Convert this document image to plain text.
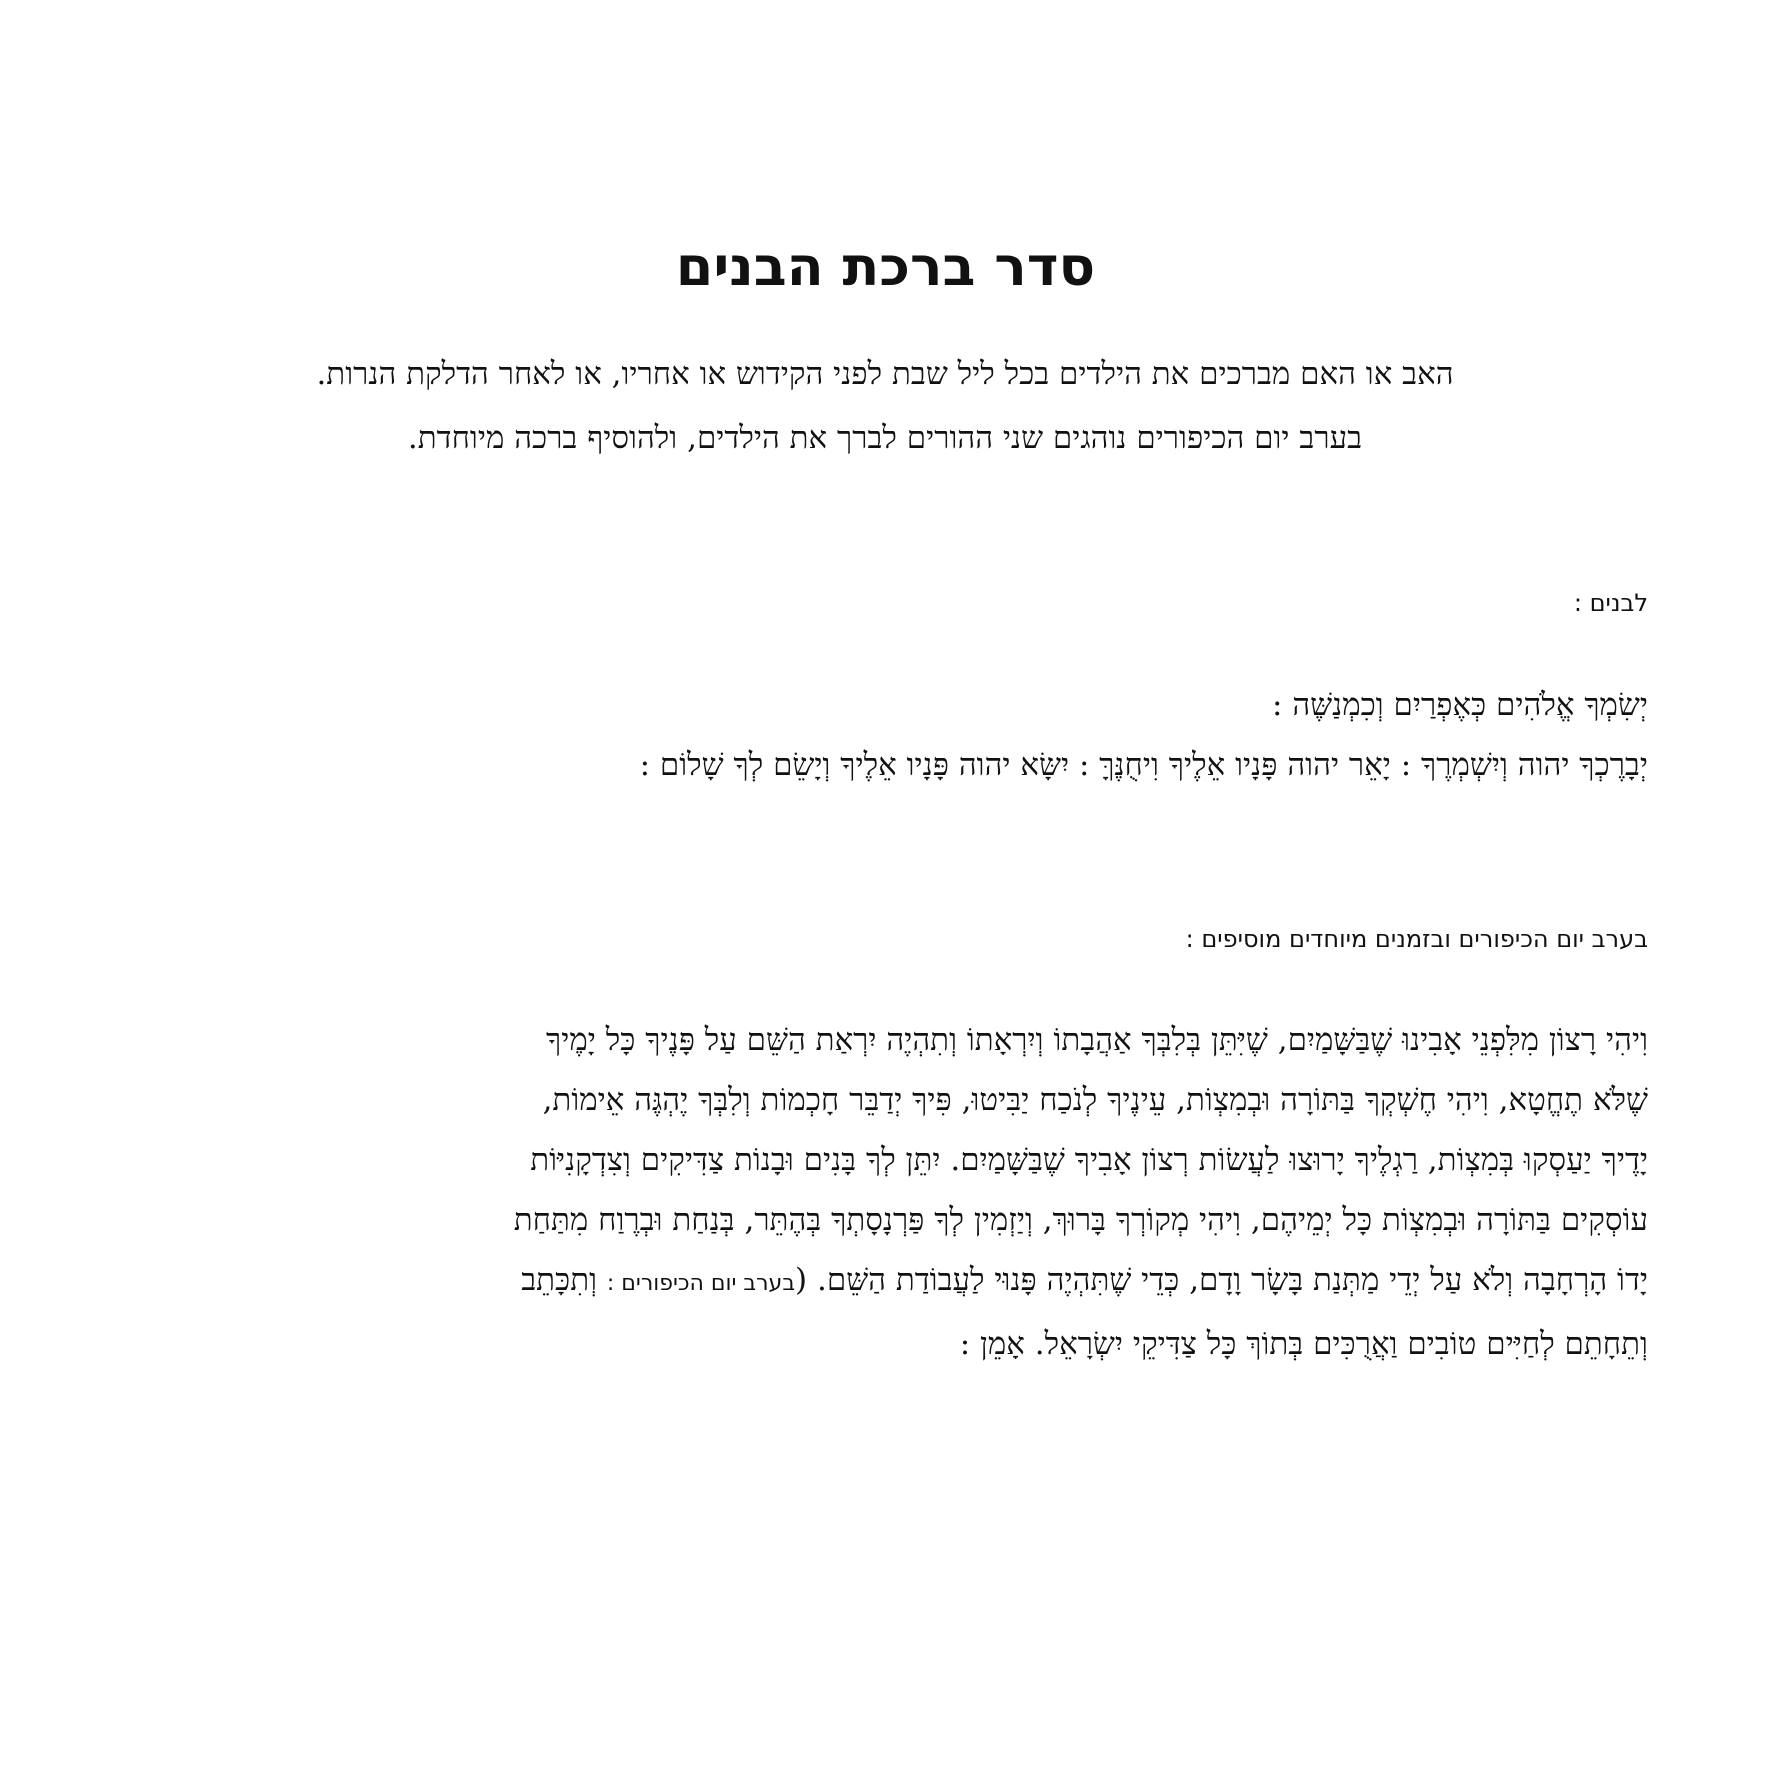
סדר ברכת הבנים

האב או האם מברכים את הילדים בכל ליל שבת לפני הקידוש או אחריו, או לאחר הדלקת הנרות.
בערב יום הכיפורים נוהגים שני ההורים לברך את הילדים, ולהוסיף ברכה מיוחדת.

לבנים :

יְשִׂמְךָ אֱלֹהִים כְּאֶפְרַיִם וְכִמְנַשֶּׁה :
יְבָרֶכְךָ יהוה וְיִשְׁמְרֶךָ : יָאֵר יהוה פָּנָיו אֵלֶיךָ וִיחֻנֶּךָּ : יִשָּׂא יהוה פָּנָיו אֵלֶיךָ וְיָשֵׂם לְךָ שָׁלוֹם :

בערב יום הכיפורים ובזמנים מיוחדים מוסיפים :

וִיהִי רָצוֹן מִלִּפְנֵי אָבִינוּ שֶׁבַּשָּׁמַיִם, שֶׁיִּתֵּן בְּלִבְּךָ אַהֲבָתוֹ וְיִרְאָתוֹ וְתִהְיֶה יִרְאַת הַשֵּׁם עַל פָּנֶיךָ כָּל יָמֶיךָ
שֶׁלֹּא תֶחֱטָא, וִיהִי חֶשְׁקְךָ בַּתּוֹרָה וּבְמִצְוֹת, עֵינֶיךָ לְנֹכַח יַבִּיטוּ, פִּיךָ יְדַבֵּר חָכְמוֹת וְלִבְּךָ יֶהְגֶּה אֵימוֹת,
יָדֶיךָ יַעַסְקוּ בְּמִצְוֹת, רַגְלֶיךָ יָרוּצוּ לַעֲשׂוֹת רְצוֹן אָבִיךָ שֶׁבַּשָּׁמַיִם. יִתֵּן לְךָ בָּנִים וּבָנוֹת צַדִּיקִים וְצִדְקָנִיּוֹת
עוֹסְקִים בַּתּוֹרָה וּבְמִצְוֹת כָּל יְמֵיהֶם, וִיהִי מְקוֹרְךָ בָּרוּךְ, וְיַזְמִין לְךָ פַּרְנָסָתְךָ בְּהֶתֵּר, בְּנַחַת וּבְרֶוַח מִתַּחַת
יָדוֹ הָרְחָבָה וְלֹא עַל יְדֵי מַתְּנַת בָּשָׂר וָדָם, כְּדֵי שֶׁתִּהְיֶה פָּנוּי לַעֲבוֹדַת הַשֵּׁם. (בערב יום הכיפורים : וְתִכָּתֵב
וְתֵחָתֵם לְחַיִּים טוֹבִים וַאֲרֻכִּים בְּתוֹךְ כָּל צַדִּיקֵי יִשְׂרָאֵל. אָמֵן :
